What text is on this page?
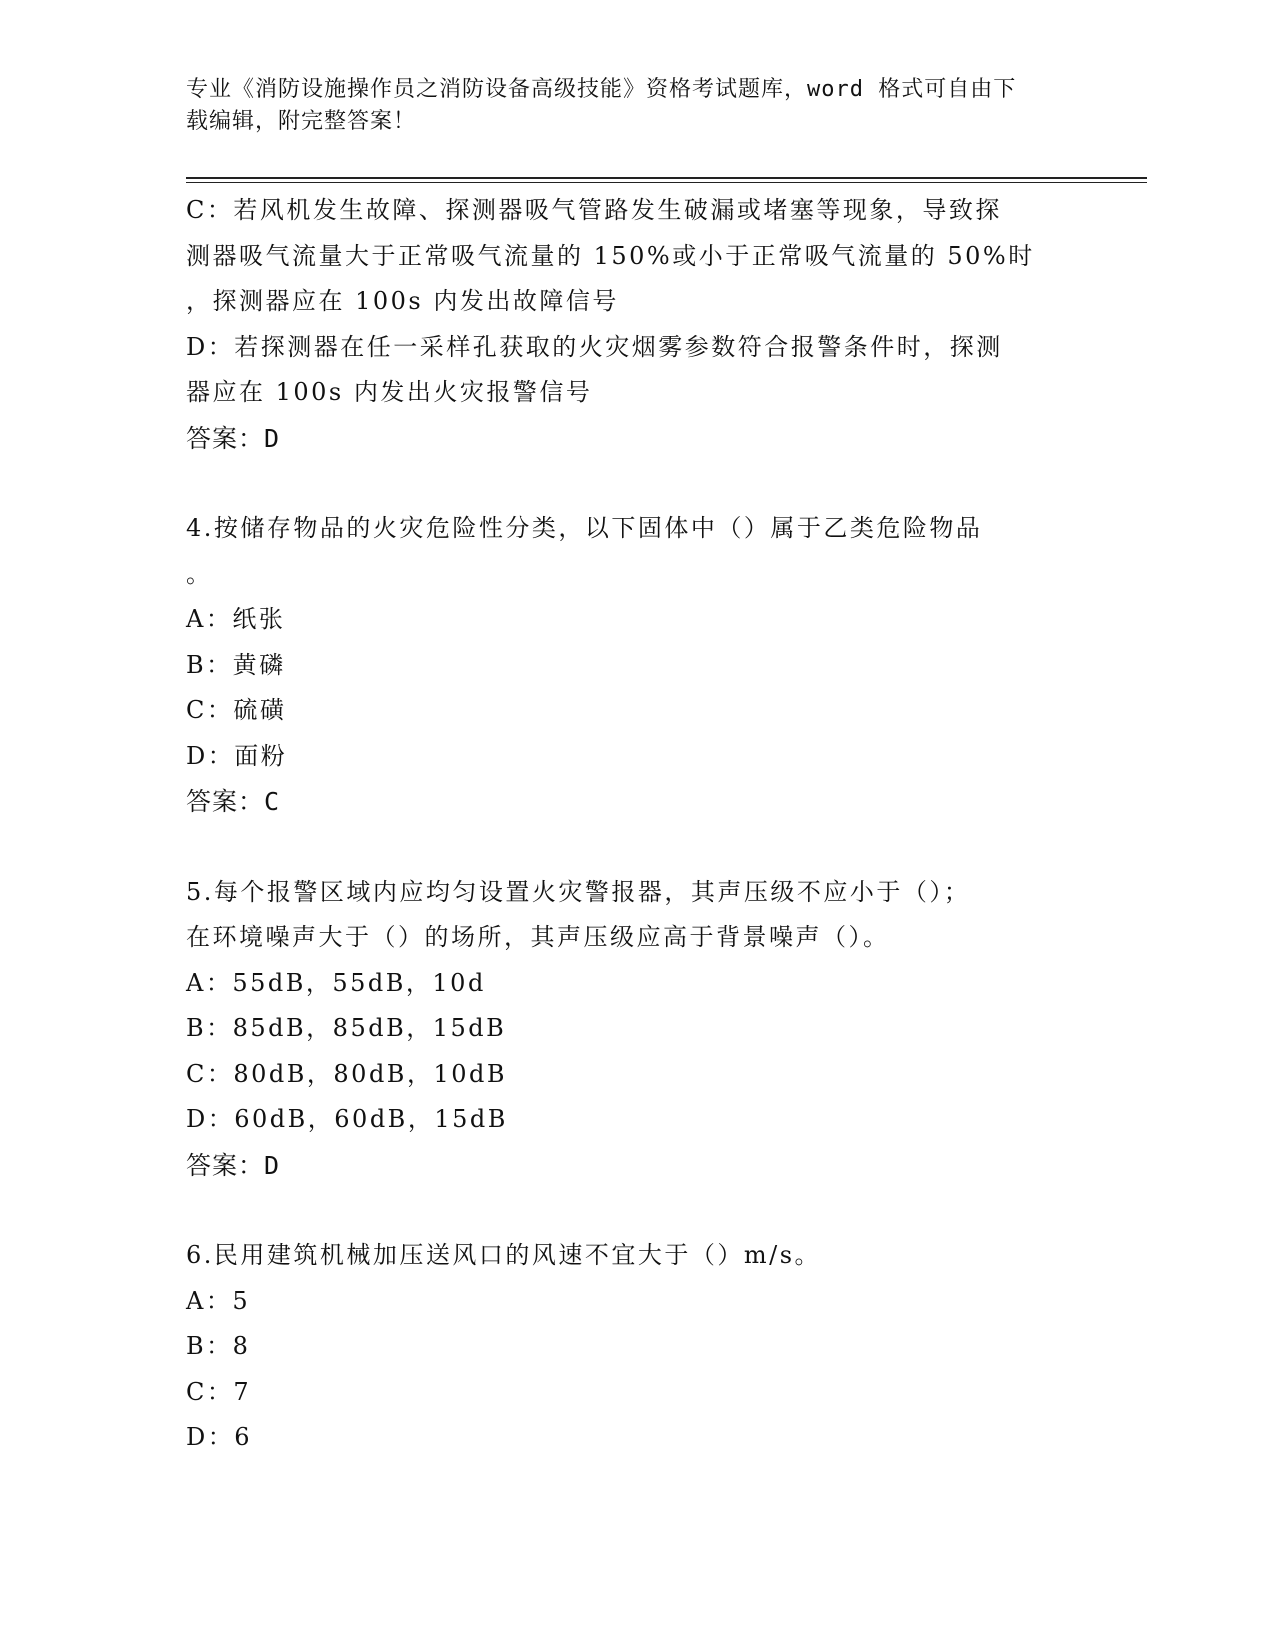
专业《消防设施操作员之消防设备高级技能》资格考试题库，word 格式可自由下
载编辑，附完整答案！
C：若风机发生故障、探测器吸气管路发生破漏或堵塞等现象，导致探
测器吸气流量大于正常吸气流量的 150%或小于正常吸气流量的 50%时
，探测器应在 100s 内发出故障信号
D：若探测器在任一采样孔获取的火灾烟雾参数符合报警条件时，探测
器应在 100s 内发出火灾报警信号
答案：D
4.按储存物品的火灾危险性分类，以下固体中（）属于乙类危险物品
。
A：纸张
B：黄磷
C：硫磺
D：面粉
答案：C
5.每个报警区域内应均匀设置火灾警报器，其声压级不应小于（）；
在环境噪声大于（）的场所，其声压级应高于背景噪声（）。
A：55dB，55dB，10d
B：85dB，85dB，15dB
C：80dB，80dB，10dB
D：60dB，60dB，15dB
答案：D
6.民用建筑机械加压送风口的风速不宜大于（）m/s。
A：5
B：8
C：7
D：6
